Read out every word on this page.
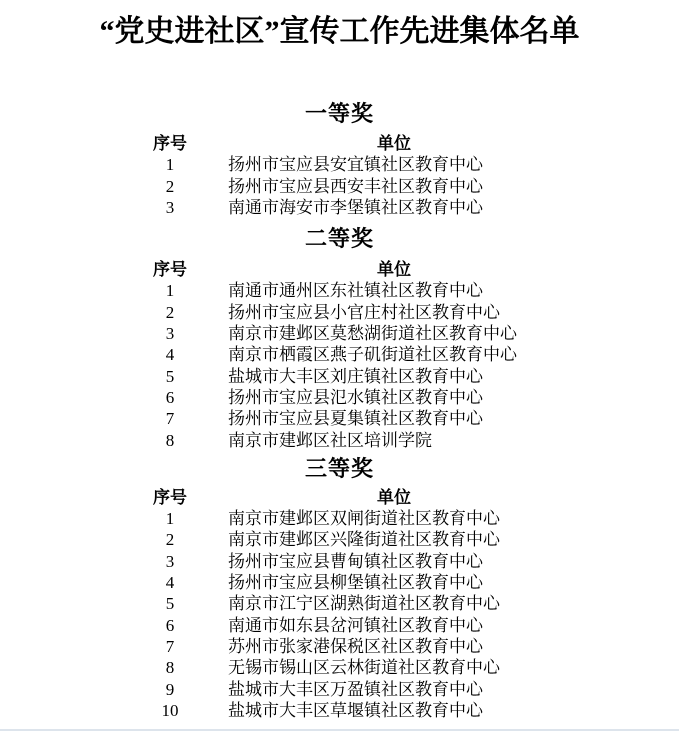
“党史进社区”宣传工作先进集体名单
一等奖
序号	单位
1	扬州市宝应县安宜镇社区教育中心
2	扬州市宝应县西安丰社区教育中心
3	南通市海安市李堡镇社区教育中心
二等奖
序号	单位
1	南通市通州区东社镇社区教育中心
2	扬州市宝应县小官庄村社区教育中心
3	南京市建邺区莫愁湖街道社区教育中心
4	南京市栖霞区燕子矶街道社区教育中心
5	盐城市大丰区刘庄镇社区教育中心
6	扬州市宝应县氾水镇社区教育中心
7	扬州市宝应县夏集镇社区教育中心
8	南京市建邺区社区培训学院
三等奖
序号	单位
1	南京市建邺区双闸街道社区教育中心
2	南京市建邺区兴隆街道社区教育中心
3	扬州市宝应县曹甸镇社区教育中心
4	扬州市宝应县柳堡镇社区教育中心
5	南京市江宁区湖熟街道社区教育中心
6	南通市如东县岔河镇社区教育中心
7	苏州市张家港保税区社区教育中心
8	无锡市锡山区云林街道社区教育中心
9	盐城市大丰区万盈镇社区教育中心
10	盐城市大丰区草堰镇社区教育中心
